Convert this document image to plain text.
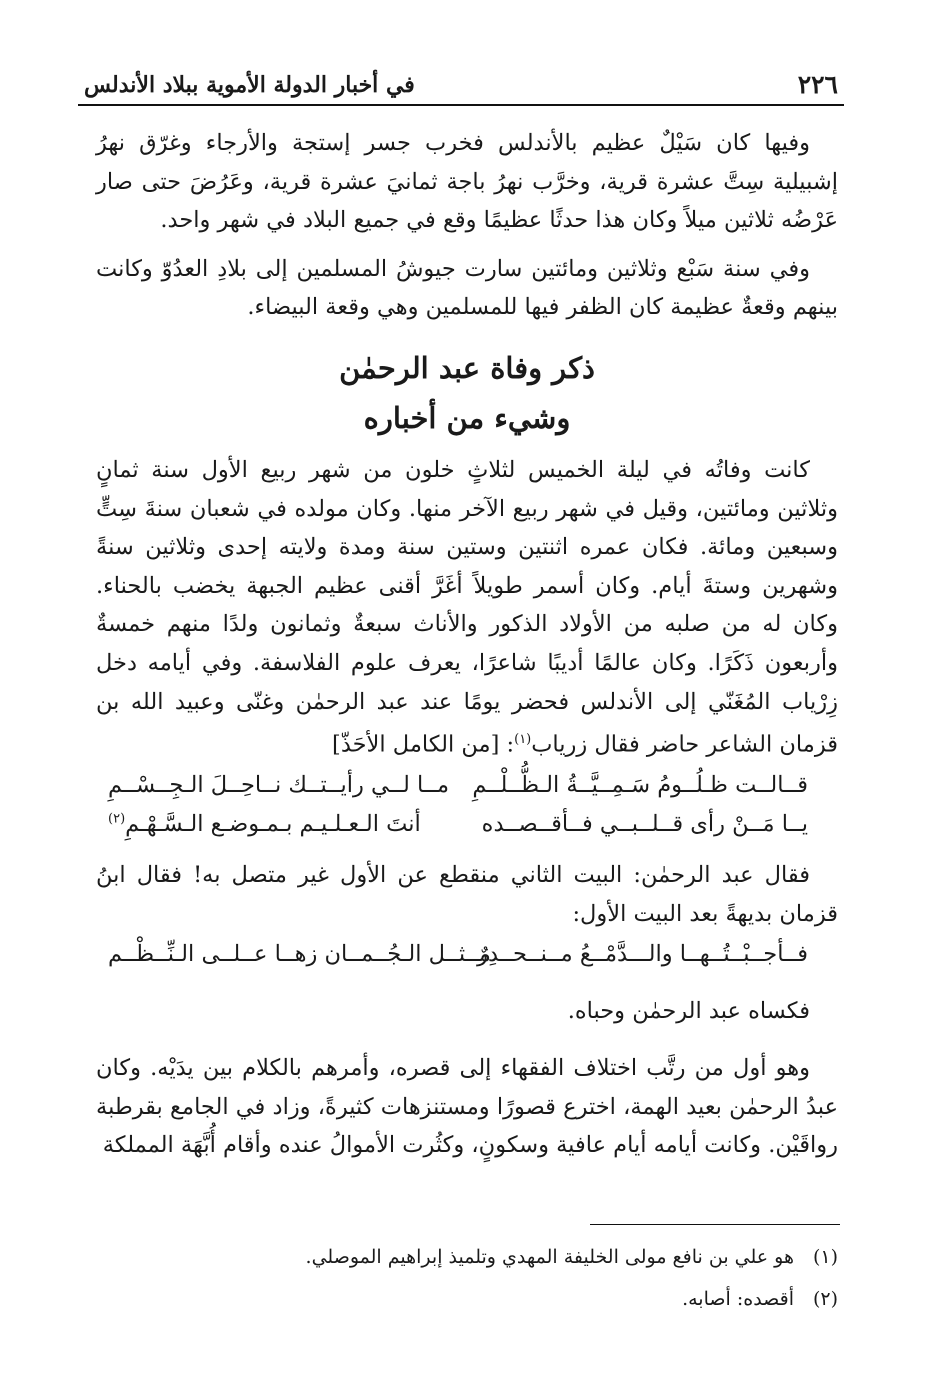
٢٢٦
في أخبار الدولة الأموية ببلاد الأندلس

وفيها كان سَيْلٌ عظيم بالأندلس فخرب جسر إستجة والأرجاء وغرّق نهرُ إشبيلية سِتَّ عشرة قرية، وخرَّب نهرُ باجة ثمانيَ عشرة قرية، وعَرُضَ حتى صار عَرْضُه ثلاثين ميلاً وكان هذا حدثًا عظيمًا وقع في جميع البلاد في شهر واحد.

وفي سنة سَبْع وثلاثين ومائتين سارت جيوشُ المسلمين إلى بلادِ العدُوّ وكانت بينهم وقعةٌ عظيمة كان الظفر فيها للمسلمين وهي وقعة البيضاء.

ذكر وفاة عبد الرحمٰن

وشيء من أخباره

كانت وفاتُه في ليلة الخميس لثلاثٍ خلون من شهر ربيع الأول سنة ثمانٍ وثلاثين ومائتين، وقيل في شهر ربيع الآخر منها. وكان مولده في شعبان سنةَ سِتٍّ وسبعين ومائة. فكان عمره اثنتين وستين سنة ومدة ولايته إحدى وثلاثين سنةً وشهرين وستةَ أيام. وكان أسمر طويلاً أغَرَّ أقنى عظيم الجبهة يخضب بالحناء. وكان له من صلبه من الأولاد الذكور والأناث سبعةٌ وثمانون ولدًا منهم خمسةٌ وأربعون ذَكَرًا. وكان عالمًا أديبًا شاعرًا، يعرف علوم الفلاسفة. وفي أيامه دخل زِرْياب المُغَنّي إلى الأندلس فحضر يومًا عند عبد الرحمٰن وغنّى وعبيد الله بن قزمان الشاعر حاضر فقال زرياب$^{(١)}$: [من الكامل الأحَذّ]

قــالــت ظـلُــومُ سَـمِــيَّــةُ الـظُّــلْــمِ
مــا لــي رأيــتــك نــاحِــلَ الـجِــسْــمِ
يــا مَــنْ رأى قــلــبــي فــأقــصــده
أنتَ الـعـلـيـم بـمـوضـع الـسَّـهْـمِ$^{(٢)}$

فقال عبد الرحمٰن: البيت الثاني منقطع عن الأول غير متصل به! فقال ابنُ قزمان بديهةً بعد البيت الأول:

فــأجــبْــتُــهــا والـــدَّمْــعُ مــنــحــدِرٌ
مــثــل الـجُــمــان زهــا عــلــى الـنِّــظْــم

فكساه عبد الرحمٰن وحباه.

وهو أول من رتَّب اختلاف الفقهاء إلى قصره، وأمرهم بالكلام بين يدَيْه. وكان عبدُ الرحمٰن بعيد الهمة، اخترع قصورًا ومستنزهات كثيرةً، وزاد في الجامع بقرطبة رواقَيْن. وكانت أيامه أيام عافية وسكونٍ، وكثُرت الأموالُ عنده وأقام أُبَّهَة المملكة

(١)هو علي بن نافع مولى الخليفة المهدي وتلميذ إبراهيم الموصلي.

(٢)أقصده: أصابه.
